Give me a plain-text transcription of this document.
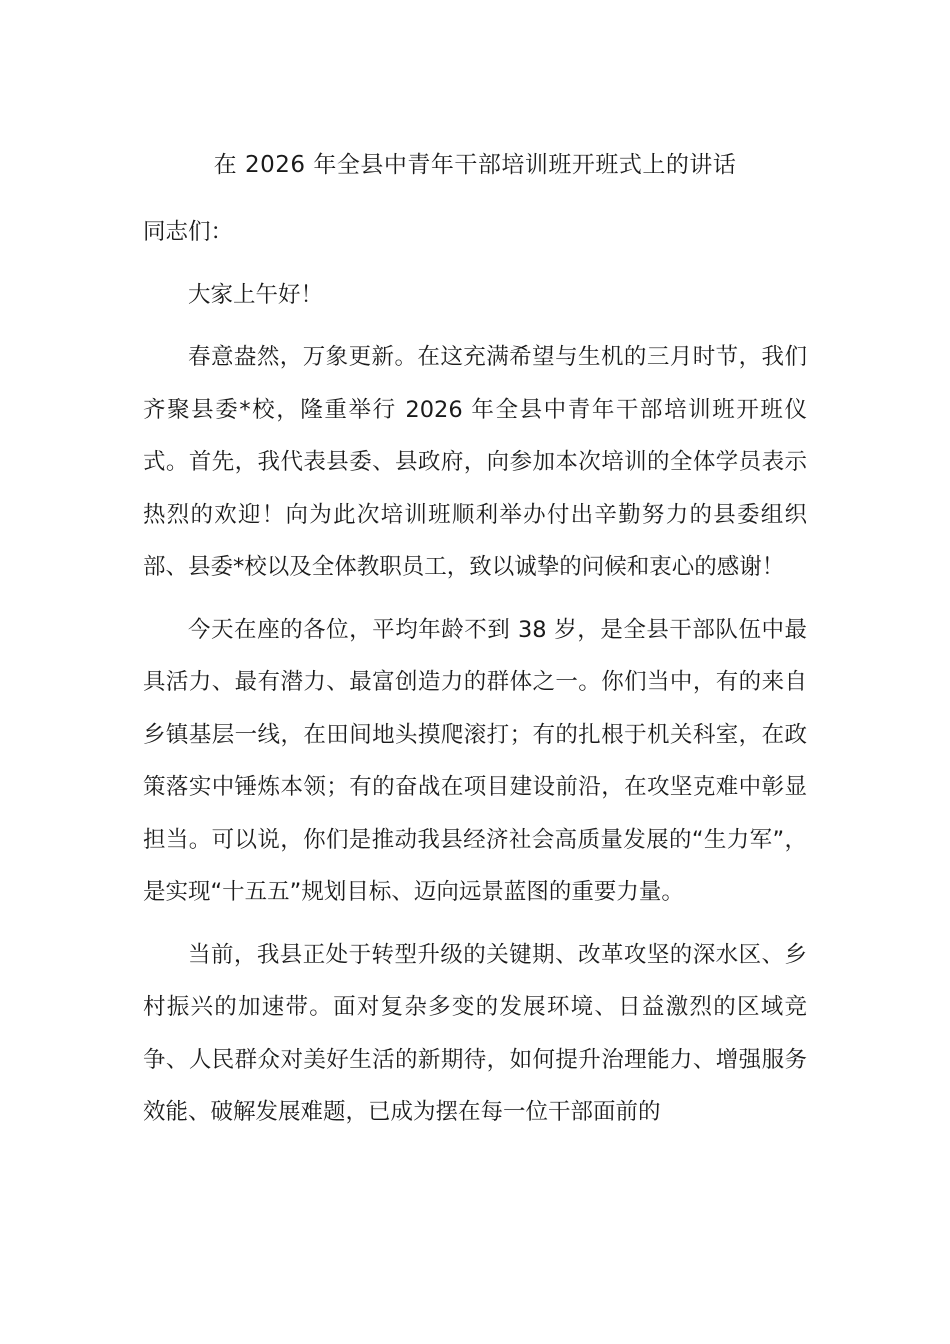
在 2026 年全县中青年干部培训班开班式上的讲话

同志们：

大家上午好！

春意盎然，万象更新。在这充满希望与生机的三月时节，我们齐聚县委*校，隆重举行 2026 年全县中青年干部培训班开班仪式。首先，我代表县委、县政府，向参加本次培训的全体学员表示热烈的欢迎！向为此次培训班顺利举办付出辛勤努力的县委组织部、县委*校以及全体教职员工，致以诚挚的问候和衷心的感谢！

今天在座的各位，平均年龄不到 38 岁，是全县干部队伍中最具活力、最有潜力、最富创造力的群体之一。你们当中，有的来自乡镇基层一线，在田间地头摸爬滚打；有的扎根于机关科室，在政策落实中锤炼本领；有的奋战在项目建设前沿，在攻坚克难中彰显担当。可以说，你们是推动我县经济社会高质量发展的“生力军”，是实现“十五五”规划目标、迈向远景蓝图的重要力量。

当前，我县正处于转型升级的关键期、改革攻坚的深水区、乡村振兴的加速带。面对复杂多变的发展环境、日益激烈的区域竞争、人民群众对美好生活的新期待，如何提升治理能力、增强服务效能、破解发展难题，已成为摆在每一位干部面前的
